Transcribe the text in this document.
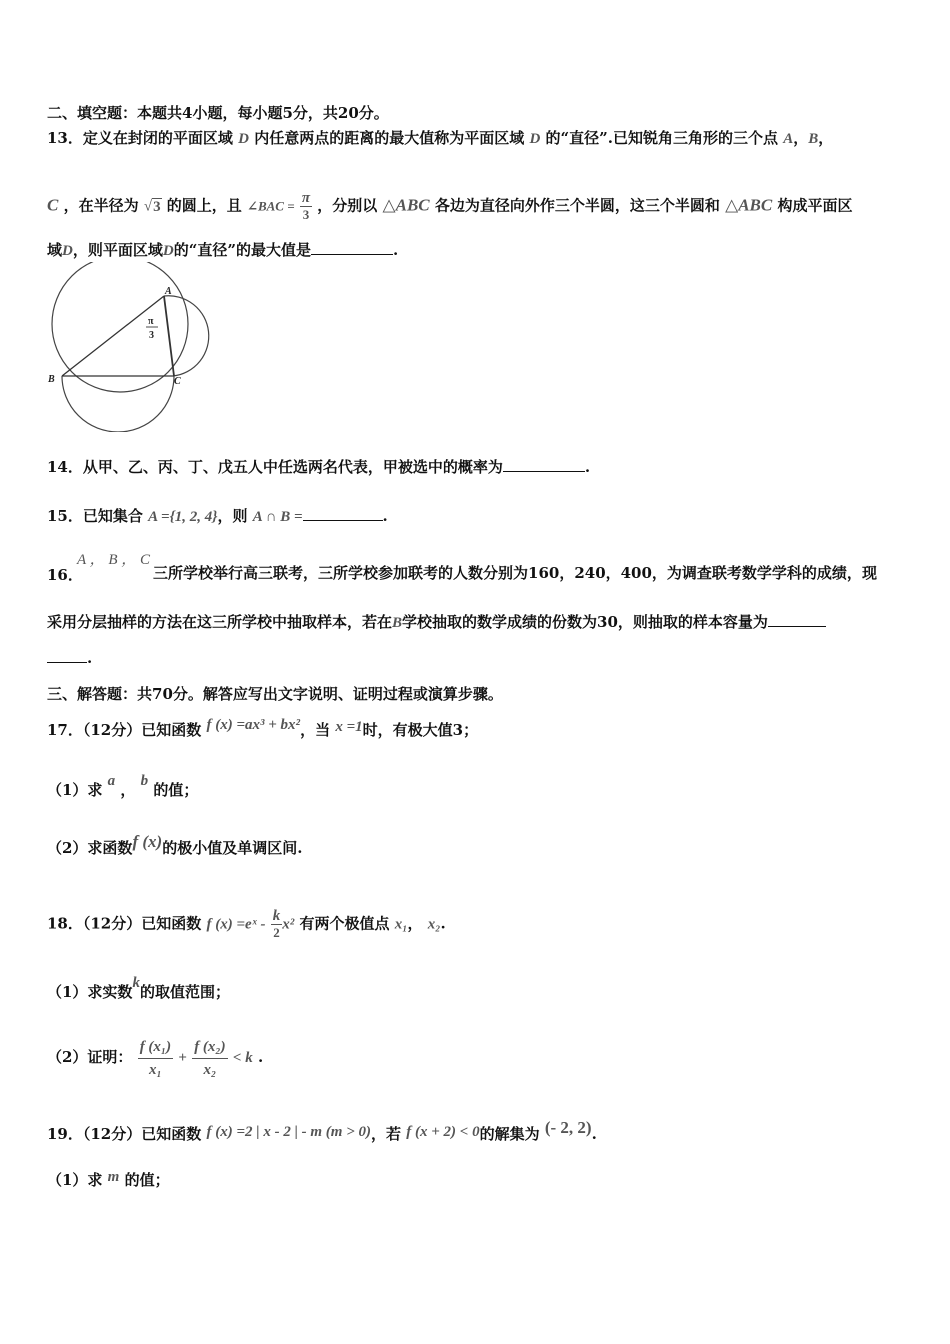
二、填空题：本题共4小题，每小题5分，共20分。
13．定义在封闭的平面区域 D 内任意两点的距离的最大值称为平面区域 D 的“直径”.已知锐角三角形的三个点 A，B，
C ，在半径为 √3 的圆上，且 ∠BAC = $\frac{\pi}{3}$ ，分别以 △ABC 各边为直径向外作三个半圆，这三个半圆和 △ABC 构成平面区
域D，则平面区域D的“直径”的最大值是	.
A
B	C
π
3
14．从甲、乙、丙、丁、戊五人中任选两名代表，甲被选中的概率为	.
15．已知集合 A ={1, 2, 4}，则 A ∩ B =	.
A ， B ， C
16．	三所学校举行高三联考，三所学校参加联考的人数分别为160，240，400，为调查联考数学学科的成绩，现
采用分层抽样的方法在这三所学校中抽取样本，若在B学校抽取的数学成绩的份数为30，则抽取的样本容量为
.
三、解答题：共70分。解答应写出文字说明、证明过程或演算步骤。
17．（12分）已知函数 f (x) =ax³ + bx²，当 x =1时，有极大值3；
（1）求 a ， b 的值；
（2）求函数f (x)的极小值及单调区间.
18．（12分）已知函数 f (x) =eˣ - $\frac{k}{2} x^2$ 有两个极值点 x₁， x₂.
（1）求实数k的取值范围；
（2）证明： $\frac{\text{f (x₁)}}{\text{x₁}} + \frac{\text{f (x₂)}}{\text{x₂}} < k$ .
19．（12分）已知函数 f (x) =2 | x - 2 | - m (m > 0)，若 f (x + 2) < 0的解集为 (- 2, 2).
（1）求 m 的值；
